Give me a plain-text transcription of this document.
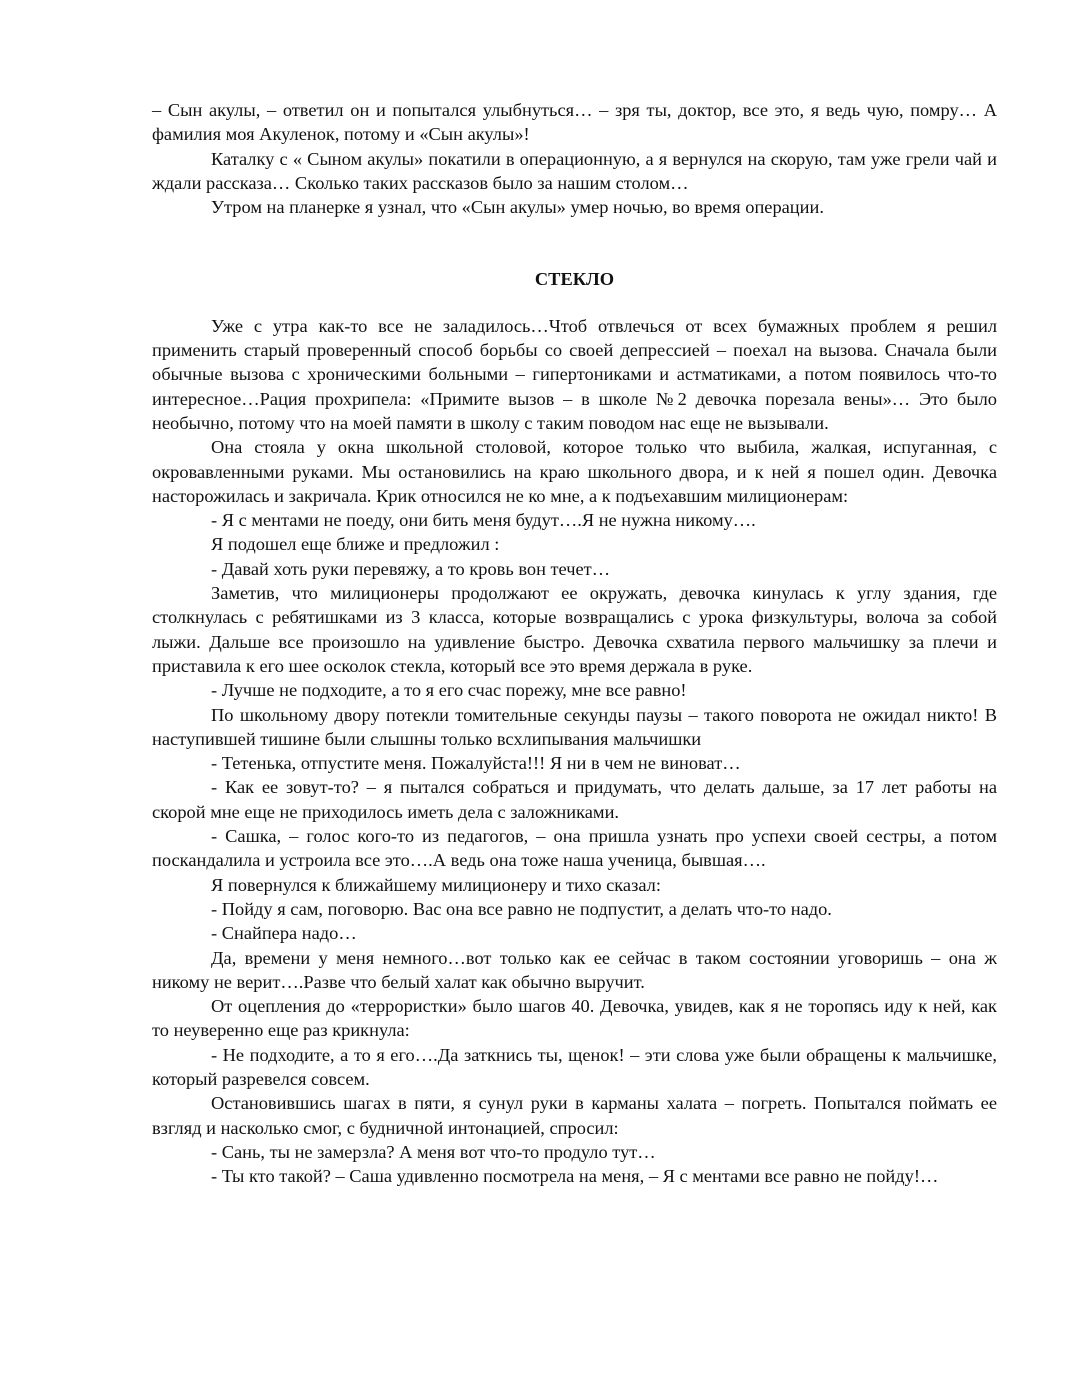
– Сын акулы, – ответил он и попытался улыбнуться… – зря ты, доктор, все это, я ведь чую, помру… А фамилия моя Акуленок, потому и «Сын акулы»!

Каталку с « Сыном акулы» покатили в операционную, а я вернулся на скорую, там уже грели чай и ждали рассказа… Сколько таких рассказов было за нашим столом…

Утром на планерке я узнал, что «Сын акулы» умер ночью, во время операции.

СТЕКЛО

Уже с утра как-то все не заладилось…Чтоб отвлечься от всех бумажных проблем я решил применить старый проверенный способ борьбы со своей депрессией – поехал на вызова. Сначала были обычные вызова с хроническими больными – гипертониками и астматиками, а потом появилось что-то интересное…Рация прохрипела: «Примите вызов – в школе №2 девочка порезала вены»… Это было необычно, потому что на моей памяти в школу с таким поводом нас еще не вызывали.

Она стояла у окна школьной столовой, которое только что выбила, жалкая, испуганная, с окровавленными руками. Мы остановились на краю школьного двора, и к ней я пошел один. Девочка насторожилась и закричала. Крик относился не ко мне, а к подъехавшим милиционерам:

- Я с ментами не поеду, они бить меня будут….Я не нужна никому….

Я подошел еще ближе и предложил :

- Давай хоть руки перевяжу, а то кровь вон течет…

Заметив, что милиционеры продолжают ее окружать, девочка кинулась к углу здания, где столкнулась с ребятишками из 3 класса, которые возвращались с урока физкультуры, волоча за собой лыжи. Дальше все произошло на удивление быстро. Девочка схватила первого мальчишку за плечи и приставила к его шее осколок стекла, который все это время держала в руке.

- Лучше не подходите, а то я его счас порежу, мне все равно!

По школьному двору потекли томительные секунды паузы – такого поворота не ожидал никто! В наступившей тишине были слышны только всхлипывания мальчишки

- Тетенька, отпустите меня. Пожалуйста!!! Я ни в чем не виноват…

- Как ее зовут-то? – я пытался собраться и придумать, что делать дальше, за 17 лет работы на скорой мне еще не приходилось иметь дела с заложниками.

- Сашка, – голос кого-то из педагогов, – она пришла узнать про успехи своей сестры, а потом поскандалила и устроила все это….А ведь она тоже наша ученица, бывшая….

Я повернулся к ближайшему милиционеру и тихо сказал:

- Пойду я сам, поговорю. Вас она все равно не подпустит, а делать что-то надо.

- Снайпера надо…

Да, времени у меня немного…вот только как ее сейчас в таком состоянии уговоришь – она ж никому не верит….Разве что белый халат как обычно выручит.

От оцепления до «террористки» было шагов 40. Девочка, увидев, как я не торопясь иду к ней, как то неуверенно еще раз крикнула:

- Не подходите, а то я его….Да заткнись ты, щенок! – эти слова уже были обращены к мальчишке, который разревелся совсем.

Остановившись шагах в пяти, я сунул руки в карманы халата – погреть. Попытался поймать ее взгляд и насколько смог, с будничной интонацией, спросил:

- Сань, ты не замерзла? А меня вот что-то продуло тут…

- Ты кто такой? – Саша удивленно посмотрела на меня, – Я с ментами все равно не пойду!…
